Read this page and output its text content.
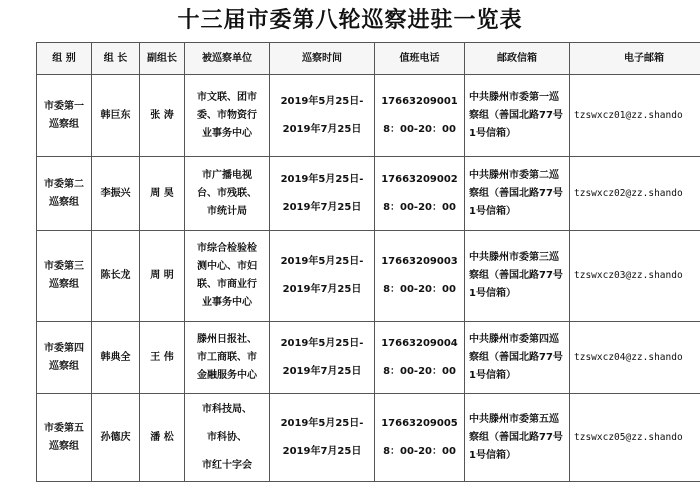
十三届市委第八轮巡察进驻一览表
组 别	组 长	副组长	被巡察单位	巡察时间	值班电话	邮政信箱	电子邮箱

市委第一
巡察组	韩巨东	张 涛	市文联、团市
委、市物资行
业事务中心	2019年5月25日-
2019年7月25日	17663209001
8：00-20：00	中共滕州市委第一巡
察组（善国北路77号
1号信箱）	tzswxcz01@zz.shando

市委第二
巡察组	李振兴	周 昊	市广播电视
台、市残联、
市统计局	2019年5月25日-
2019年7月25日	17663209002
8：00-20：00	中共滕州市委第二巡
察组（善国北路77号
1号信箱）	tzswxcz02@zz.shando

市委第三
巡察组	陈长龙	周 明	市综合检验检
测中心、市妇
联、市商业行
业事务中心	2019年5月25日-
2019年7月25日	17663209003
8：00-20：00	中共滕州市委第三巡
察组（善国北路77号
1号信箱）	tzswxcz03@zz.shando

市委第四
巡察组	韩典全	王 伟	滕州日报社、
市工商联、市
金融服务中心	2019年5月25日-
2019年7月25日	17663209004
8：00-20：00	中共滕州市委第四巡
察组（善国北路77号
1号信箱）	tzswxcz04@zz.shando

市委第五
巡察组	孙德庆	潘 松	市科技局、
市科协、
市红十字会	2019年5月25日-
2019年7月25日	17663209005
8：00-20：00	中共滕州市委第五巡
察组（善国北路77号
1号信箱）	tzswxcz05@zz.shando
